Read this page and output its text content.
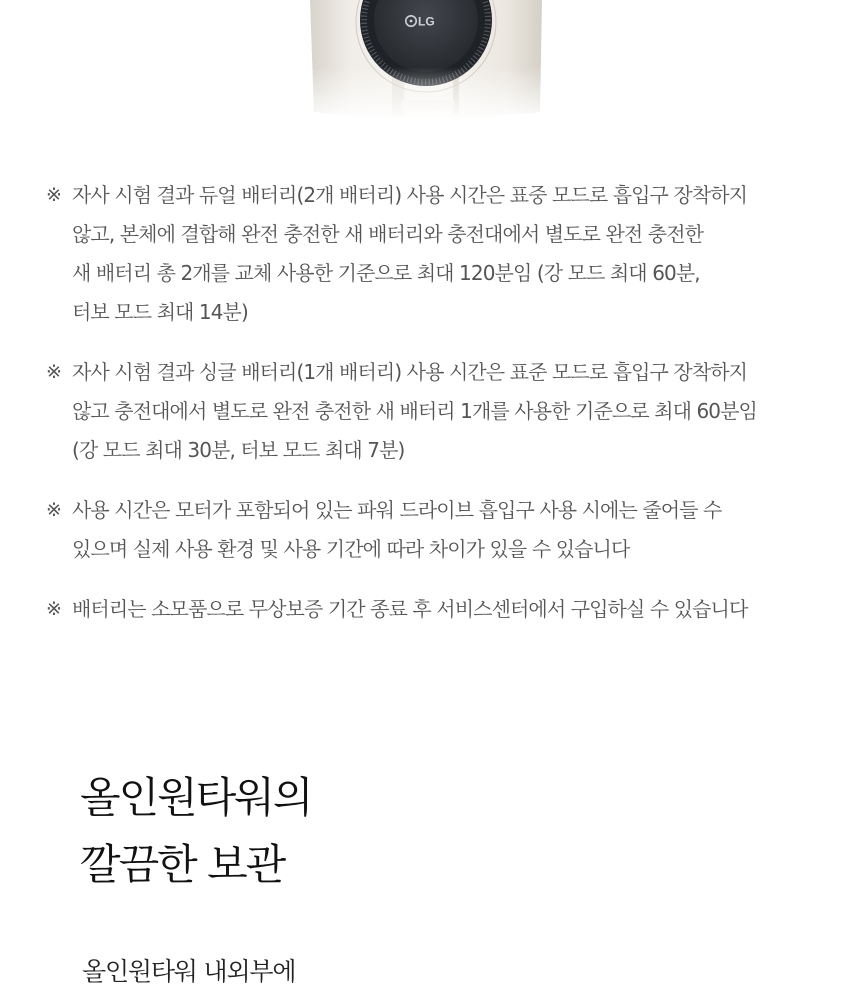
※ 자사 시험 결과 듀얼 배터리(2개 배터리) 사용 시간은 표중 모드로 흡입구 장착하지
않고, 본체에 결합해 완전 충전한 새 배터리와 충전대에서 별도로 완전 충전한
새 배터리 총 2개를 교체 사용한 기준으로 최대 120분임 (강 모드 최대 60분,
터보 모드 최대 14분)
※ 자사 시험 결과 싱글 배터리(1개 배터리) 사용 시간은 표준 모드로 흡입구 장착하지
않고 충전대에서 별도로 완전 충전한 새 배터리 1개를 사용한 기준으로 최대 60분임
(강 모드 최대 30분, 터보 모드 최대 7분)
※ 사용 시간은 모터가 포함되어 있는 파워 드라이브 흡입구 사용 시에는 줄어들 수
있으며 실제 사용 환경 및 사용 기간에 따라 차이가 있을 수 있습니다
※ 배터리는 소모품으로 무상보증 기간 종료 후 서비스센터에서 구입하실 수 있습니다
올인원타워의
깔끔한 보관

올인원타워 내외부에
